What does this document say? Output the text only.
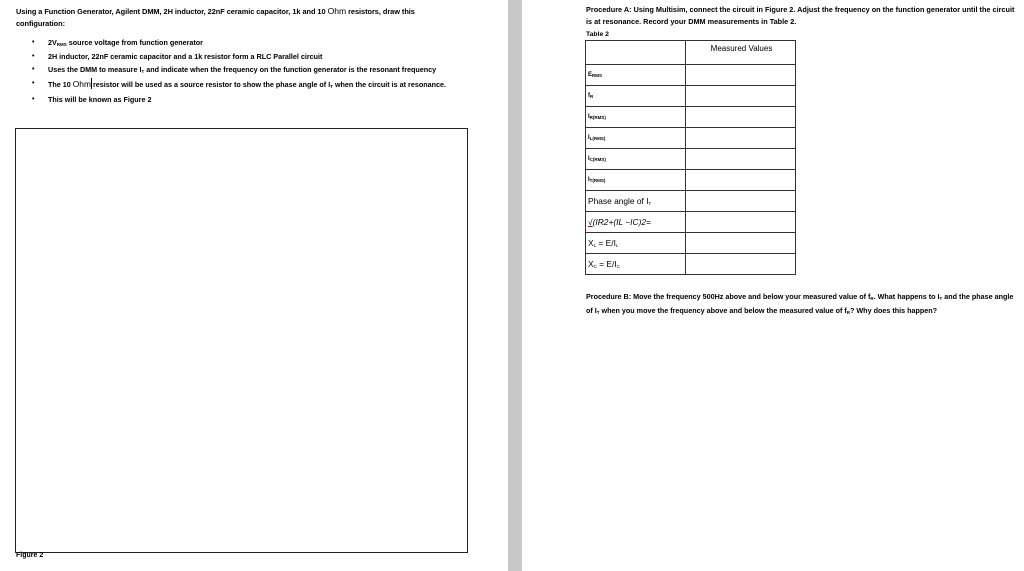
Using a Function Generator, Agilent DMM, 2H inductor, 22nF ceramic capacitor, 1k and 10 Ohm resistors, draw this configuration:
• $2V_{RMS}$ source voltage from function generator
• 2H inductor, 22nF ceramic capacitor and a 1k resistor form a RLC Parallel circuit
• Uses the DMM to measure $I_T$ and indicate when the frequency on the function generator is the resonant frequency
• The 10 Ohm resistor will be used as a source resistor to show the phase angle of $I_T$ when the circuit is at resonance.
• This will be known as Figure 2
Figure 2
Procedure A: Using Multisim, connect the circuit in Figure 2. Adjust the frequency on the function generator until the circuit is at resonance. Record your DMM measurements in Table 2.
Table 2
	Measured Values
$E_{RMS}$	
$f_R$	
$I_{R(RMS)}$	
$I_{L(RMS)}$	
$I_{C(RMS)}$	
$I_{T(RMS)}$	
Phase angle of $I_T$	
√(IR2+(IL −IC)2=	
$X_L = E/I_L$	
$X_C = E/I_C$	
Procedure B: Move the frequency 500Hz above and below your measured value of $f_R$. What happens to $I_T$ and the phase angle of $I_T$ when you move the frequency above and below the measured value of $f_R$? Why does this happen?
